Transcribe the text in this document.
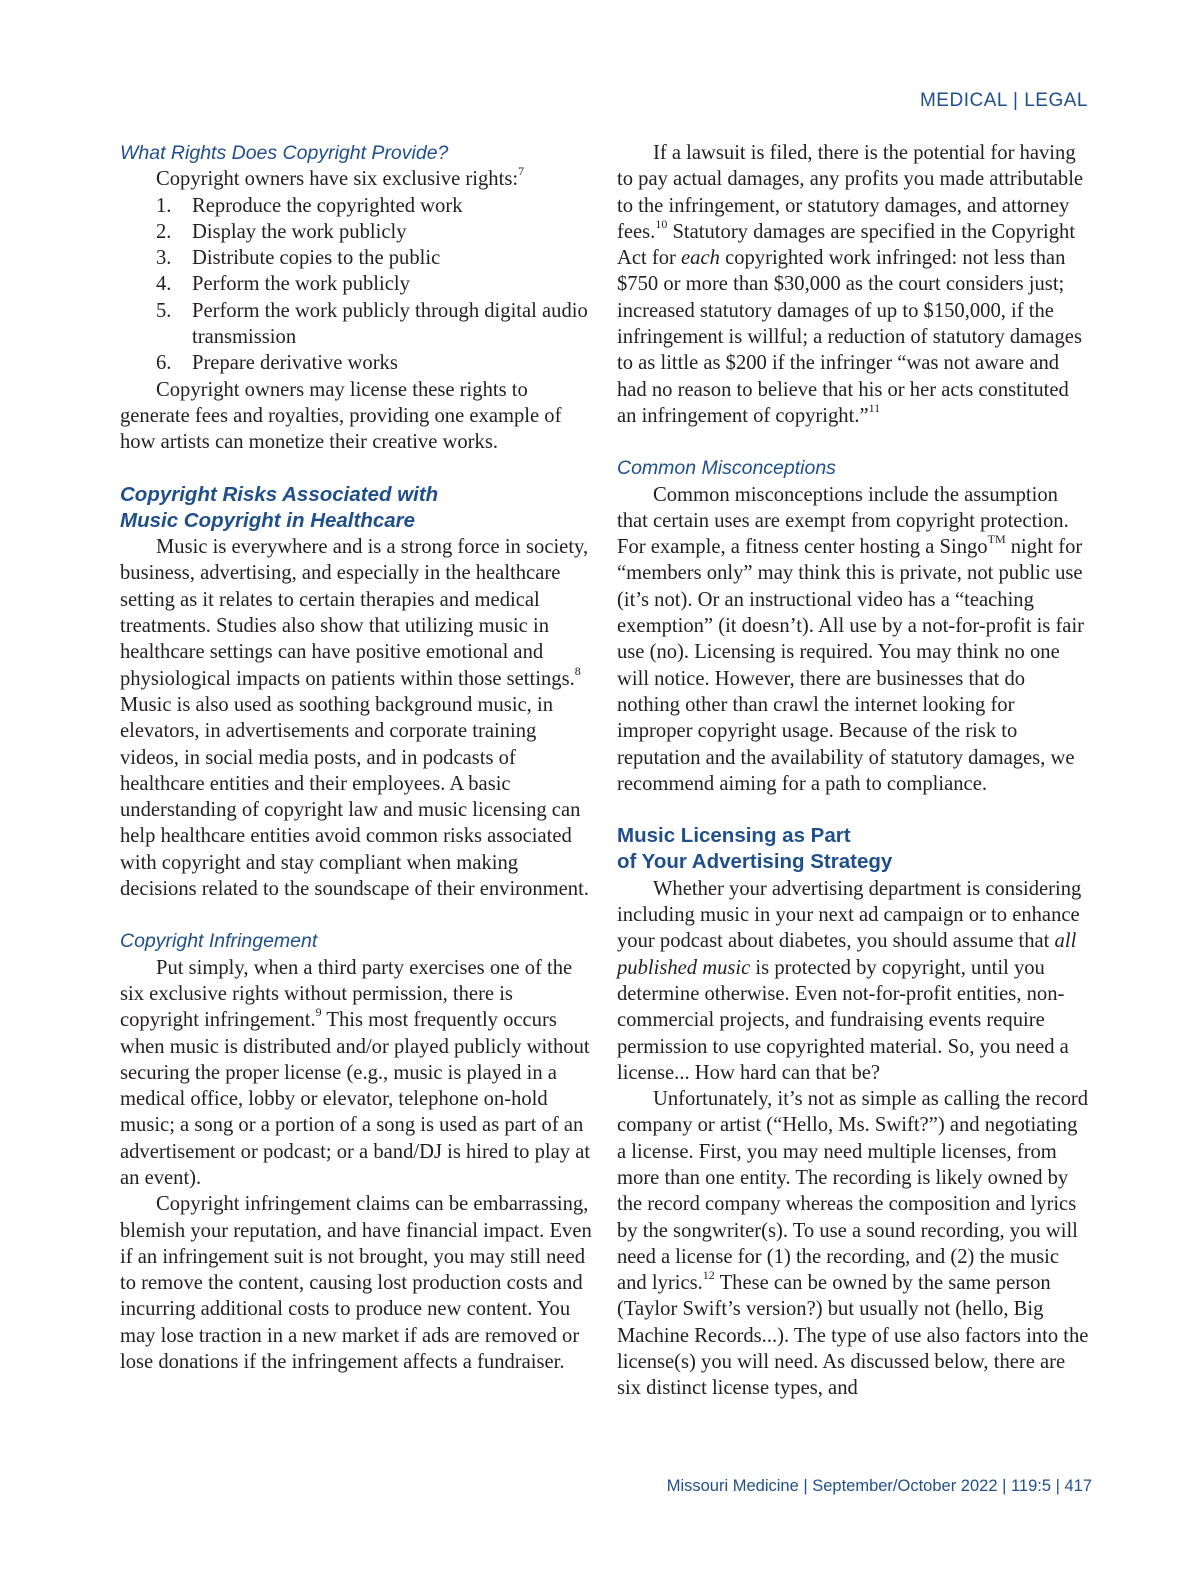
MEDICAL | LEGAL

What Rights Does Copyright Provide?

Copyright owners have six exclusive rights:$^7$

1. Reproduce the copyrighted work
2. Display the work publicly
3. Distribute copies to the public
4. Perform the work publicly
5. Perform the work publicly through digital audio transmission
6. Prepare derivative works

Copyright owners may license these rights to generate fees and royalties, providing one example of how artists can monetize their creative works.

Copyright Risks Associated with
Music Copyright in Healthcare

Music is everywhere and is a strong force in society, business, advertising, and especially in the healthcare setting as it relates to certain therapies and medical treatments. Studies also show that utilizing music in healthcare settings can have positive emotional and physiological impacts on patients within those settings.$^8$ Music is also used as soothing background music, in elevators, in advertisements and corporate training videos, in social media posts, and in podcasts of healthcare entities and their employees. A basic understanding of copyright law and music licensing can help healthcare entities avoid common risks associated with copyright and stay compliant when making decisions related to the soundscape of their environment.

Copyright Infringement

Put simply, when a third party exercises one of the six exclusive rights without permission, there is copyright infringement.$^9$ This most frequently occurs when music is distributed and/or played publicly without securing the proper license (e.g., music is played in a medical office, lobby or elevator, telephone on-hold music; a song or a portion of a song is used as part of an advertisement or podcast; or a band/DJ is hired to play at an event).

Copyright infringement claims can be embarrassing, blemish your reputation, and have financial impact. Even if an infringement suit is not brought, you may still need to remove the content, causing lost production costs and incurring additional costs to produce new content. You may lose traction in a new market if ads are removed or lose donations if the infringement affects a fundraiser.

If a lawsuit is filed, there is the potential for having to pay actual damages, any profits you made attributable to the infringement, or statutory damages, and attorney fees.$^{10}$ Statutory damages are specified in the Copyright Act for each copyrighted work infringed: not less than $750 or more than $30,000 as the court considers just; increased statutory damages of up to $150,000, if the infringement is willful; a reduction of statutory damages to as little as $200 if the infringer “was not aware and had no reason to believe that his or her acts constituted an infringement of copyright.”$^{11}$

Common Misconceptions

Common misconceptions include the assumption that certain uses are exempt from copyright protection. For example, a fitness center hosting a Singo™ night for “members only” may think this is private, not public use (it’s not). Or an instructional video has a “teaching exemption” (it doesn’t). All use by a not-for-profit is fair use (no). Licensing is required. You may think no one will notice. However, there are businesses that do nothing other than crawl the internet looking for improper copyright usage. Because of the risk to reputation and the availability of statutory damages, we recommend aiming for a path to compliance.

Music Licensing as Part
of Your Advertising Strategy

Whether your advertising department is considering including music in your next ad campaign or to enhance your podcast about diabetes, you should assume that all published music is protected by copyright, until you determine otherwise. Even not-for-profit entities, non-commercial projects, and fundraising events require permission to use copyrighted material. So, you need a license... How hard can that be?

Unfortunately, it’s not as simple as calling the record company or artist (“Hello, Ms. Swift?”) and negotiating a license. First, you may need multiple licenses, from more than one entity. The recording is likely owned by the record company whereas the composition and lyrics by the songwriter(s). To use a sound recording, you will need a license for (1) the recording, and (2) the music and lyrics.$^{12}$ These can be owned by the same person (Taylor Swift’s version?) but usually not (hello, Big Machine Records...). The type of use also factors into the license(s) you will need. As discussed below, there are six distinct license types, and

Missouri Medicine | September/October 2022 | 119:5 | 417
